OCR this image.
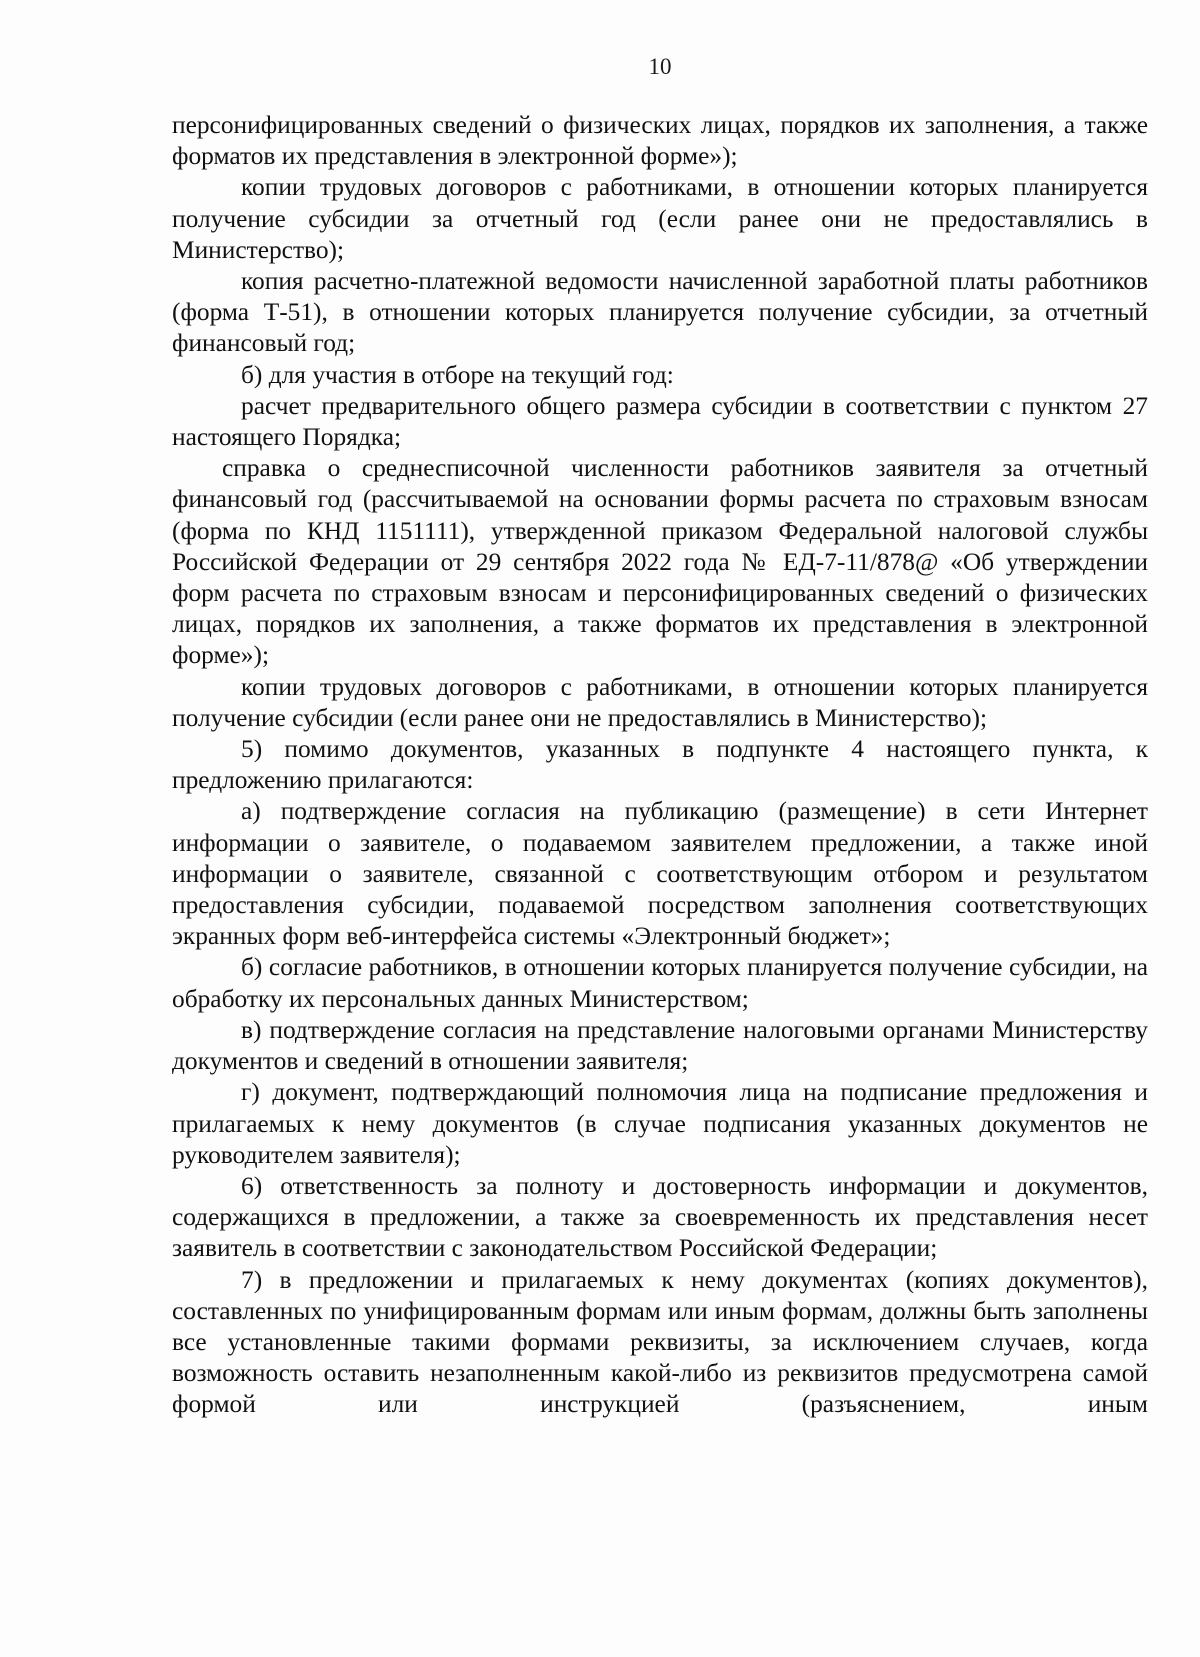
10

персонифицированных сведений о физических лицах, порядков их заполнения, а также форматов их представления в электронной форме»);

копии трудовых договоров с работниками, в отношении которых планируется получение субсидии за отчетный год (если ранее они не предоставлялись в Министерство);

копия расчетно-платежной ведомости начисленной заработной платы работников (форма Т-51), в отношении которых планируется получение субсидии, за отчетный финансовый год;

б) для участия в отборе на текущий год:

расчет предварительного общего размера субсидии в соответствии с пунктом 27 настоящего Порядка;

справка о среднесписочной численности работников заявителя за отчетный финансовый год (рассчитываемой на основании формы расчета по страховым взносам (форма по КНД 1151111), утвержденной приказом Федеральной налоговой службы Российской Федерации от 29 сентября 2022 года № ЕД-7-11/878@ «Об утверждении форм расчета по страховым взносам и персонифицированных сведений о физических лицах, порядков их заполнения, а также форматов их представления в электронной форме»);

копии трудовых договоров с работниками, в отношении которых планируется получение субсидии (если ранее они не предоставлялись в Министерство);

5) помимо документов, указанных в подпункте 4 настоящего пункта, к предложению прилагаются:

а) подтверждение согласия на публикацию (размещение) в сети Интернет информации о заявителе, о подаваемом заявителем предложении, а также иной информации о заявителе, связанной с соответствующим отбором и результатом предоставления субсидии, подаваемой посредством заполнения соответствующих экранных форм веб-интерфейса системы «Электронный бюджет»;

б) согласие работников, в отношении которых планируется получение субсидии, на обработку их персональных данных Министерством;

в) подтверждение согласия на представление налоговыми органами Министерству документов и сведений в отношении заявителя;

г) документ, подтверждающий полномочия лица на подписание предложения и прилагаемых к нему документов (в случае подписания указанных документов не руководителем заявителя);

6) ответственность за полноту и достоверность информации и документов, содержащихся в предложении, а также за своевременность их представления несет заявитель в соответствии с законодательством Российской Федерации;

7) в предложении и прилагаемых к нему документах (копиях документов), составленных по унифицированным формам или иным формам, должны быть заполнены все установленные такими формами реквизиты, за исключением случаев, когда возможность оставить незаполненным какой-либо из реквизитов предусмотрена самой формой или инструкцией (разъяснением, иным
